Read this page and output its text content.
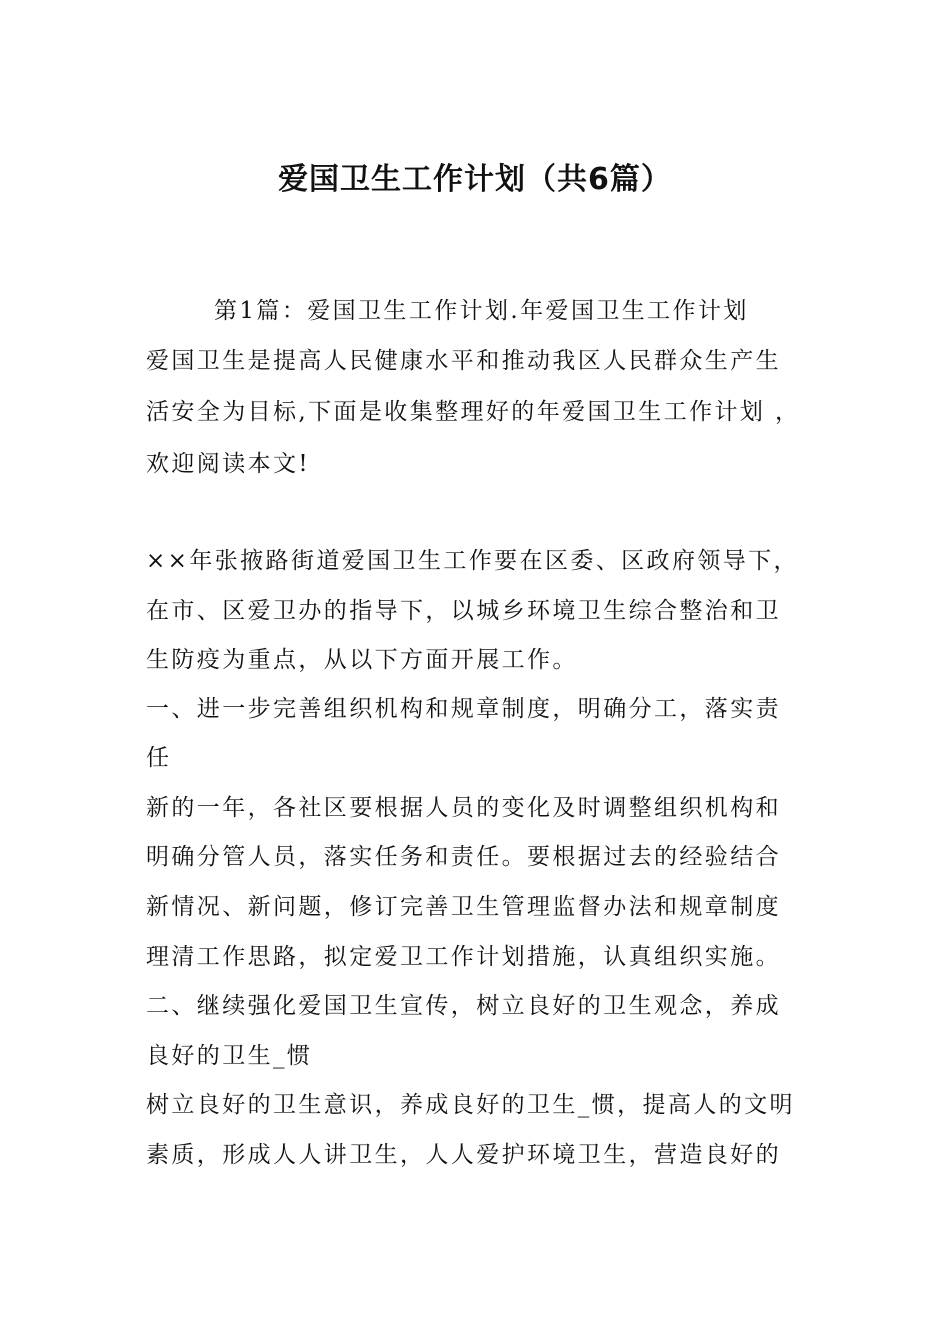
爱国卫生工作计划（共6篇）
第1篇：爱国卫生工作计划.年爱国卫生工作计划
爱国卫生是提高人民健康水平和推动我区人民群众生产生
活安全为目标,下面是收集整理好的年爱国卫生工作计划 ，
欢迎阅读本文!
××年张掖路街道爱国卫生工作要在区委、区政府领导下，
在市、区爱卫办的指导下，以城乡环境卫生综合整治和卫
生防疫为重点，从以下方面开展工作。
一、进一步完善组织机构和规章制度，明确分工，落实责
任
新的一年，各社区要根据人员的变化及时调整组织机构和
明确分管人员，落实任务和责任。要根据过去的经验结合
新情况、新问题，修订完善卫生管理监督办法和规章制度
理清工作思路，拟定爱卫工作计划措施，认真组织实施。
二、继续强化爱国卫生宣传，树立良好的卫生观念，养成
良好的卫生_惯
树立良好的卫生意识，养成良好的卫生_惯，提高人的文明
素质，形成人人讲卫生，人人爱护环境卫生，营造良好的
